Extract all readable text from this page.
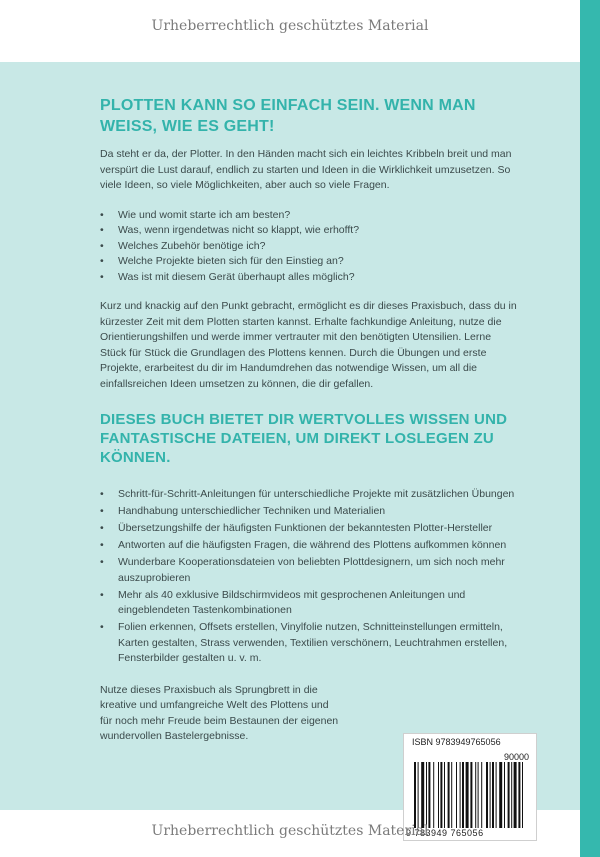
Urheberrechtlich geschütztes Material
PLOTTEN KANN SO EINFACH SEIN. WENN MAN WEISS, WIE ES GEHT!

Da steht er da, der Plotter. In den Händen macht sich ein leichtes Kribbeln breit und man verspürt die Lust darauf, endlich zu starten und Ideen in die Wirklichkeit umzusetzen. So viele Ideen, so viele Möglichkeiten, aber auch so viele Fragen.

• Wie und womit starte ich am besten?
• Was, wenn irgendetwas nicht so klappt, wie erhofft?
• Welches Zubehör benötige ich?
• Welche Projekte bieten sich für den Einstieg an?
• Was ist mit diesem Gerät überhaupt alles möglich?

Kurz und knackig auf den Punkt gebracht, ermöglicht es dir dieses Praxisbuch, dass du in kürzester Zeit mit dem Plotten starten kannst. Erhalte fachkundige Anleitung, nutze die Orientierungshilfen und werde immer vertrauter mit den benötigten Utensilien. Lerne Stück für Stück die Grundlagen des Plottens kennen. Durch die Übungen und erste Projekte, erarbeitest du dir im Handumdrehen das notwendige Wissen, um all die einfallsreichen Ideen umsetzen zu können, die dir gefallen.

DIESES BUCH BIETET DIR WERTVOLLES WISSEN UND FANTASTISCHE DATEIEN, UM DIREKT LOSLEGEN ZU KÖNNEN.
• Schritt-für-Schritt-Anleitungen für unterschiedliche Projekte mit zusätzlichen Übungen
• Handhabung unterschiedlicher Techniken und Materialien
• Übersetzungshilfe der häufigsten Funktionen der bekanntesten Plotter-Hersteller
• Antworten auf die häufigsten Fragen, die während des Plottens aufkommen können
• Wunderbare Kooperationsdateien von beliebten Plottdesignern, um sich noch mehr auszuprobieren
• Mehr als 40 exklusive Bildschirmvideos mit gesprochenen Anleitungen und eingeblendeten Tastenkombinationen
• Folien erkennen, Offsets erstellen, Vinylfolie nutzen, Schnitteinstellungen ermitteln, Karten gestalten, Strass verwenden, Textilien verschönern, Leuchtrahmen erstellen, Fensterbilder gestalten u. v. m.

Nutze dieses Praxisbuch als Sprungbrett in die kreative und umfangreiche Welt des Plottens und für noch mehr Freude beim Bestaunen der eigenen wundervollen Bastelergebnisse.	ISBN 9783949765056
90000
9 783949 765056
Urheberrechtlich geschütztes Material
